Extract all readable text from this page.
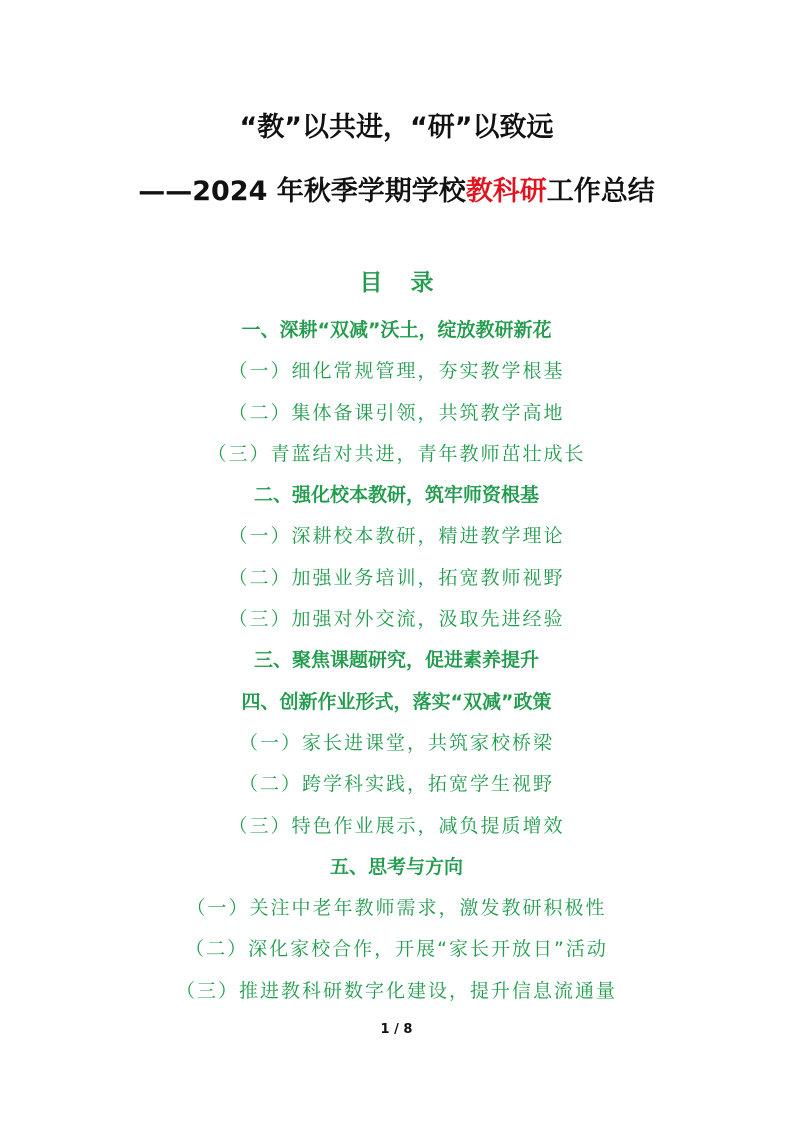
“教”以共进，“研”以致远
——2024 年秋季学期学校教科研工作总结
目 录
一、深耕“双减”沃土，绽放教研新花
（一）细化常规管理，夯实教学根基
（二）集体备课引领，共筑教学高地
（三）青蓝结对共进，青年教师茁壮成长
二、强化校本教研，筑牢师资根基
（一）深耕校本教研，精进教学理论
（二）加强业务培训，拓宽教师视野
（三）加强对外交流，汲取先进经验
三、聚焦课题研究，促进素养提升
四、创新作业形式，落实“双减”政策
（一）家长进课堂，共筑家校桥梁
（二）跨学科实践，拓宽学生视野
（三）特色作业展示，减负提质增效
五、思考与方向
（一）关注中老年教师需求，激发教研积极性
（二）深化家校合作，开展“家长开放日”活动
（三）推进教科研数字化建设，提升信息流通量
1 / 8
